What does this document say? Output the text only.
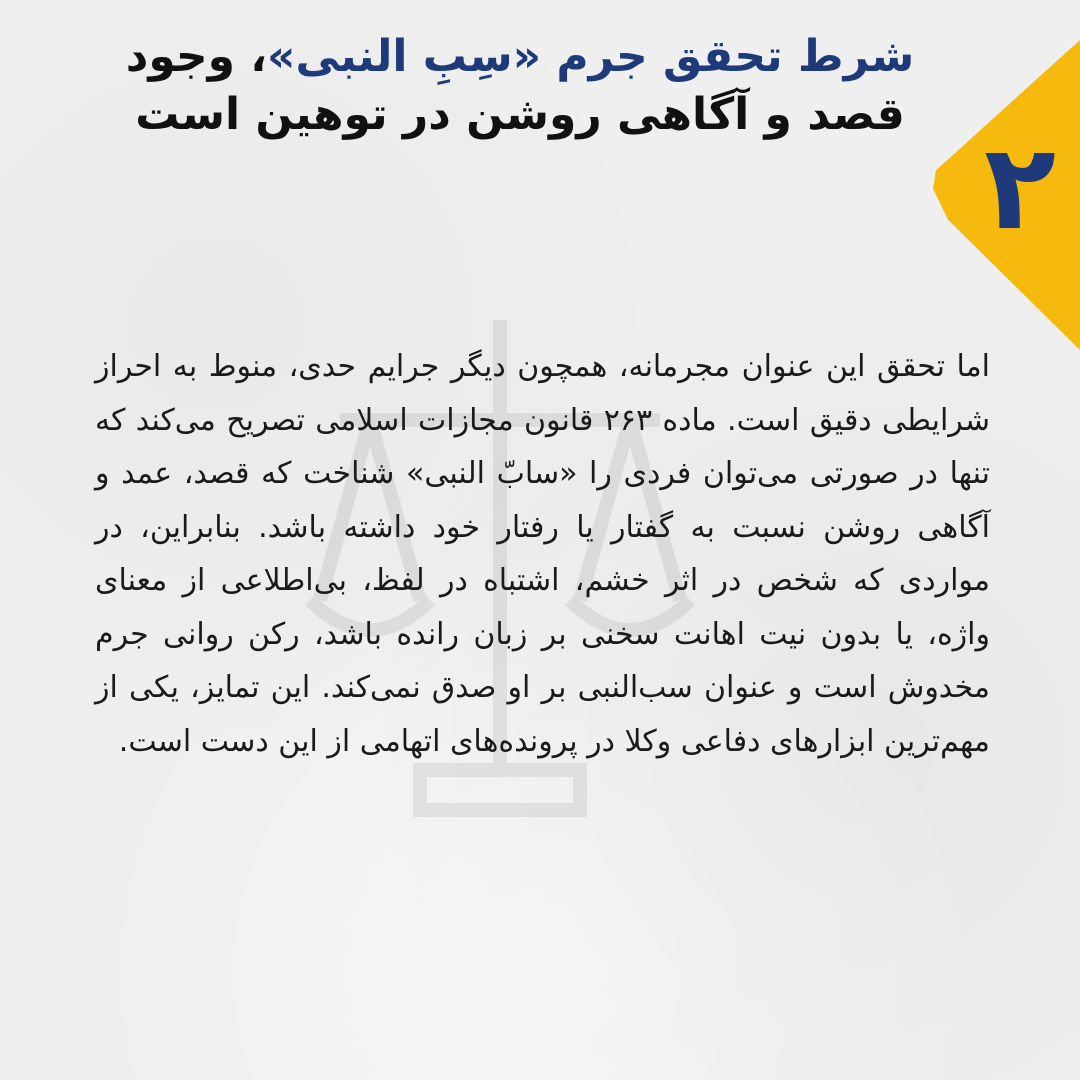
۲
شرط تحقق جرم «سِبِ النبی»، وجود قصد و آگاهی روشن در توهین است
اما تحقق این عنوان مجرمانه، همچون دیگر جرایم حدی، منوط به احراز شرایطی دقیق است. ماده ۲۶۳ قانون مجازات اسلامی تصریح می‌کند که تنها در صورتی می‌توان فردی را «سابّ النبی» شناخت که قصد، عمد و آگاهی روشن نسبت به گفتار یا رفتار خود داشته باشد. بنابراین، در مواردی که شخص در اثر خشم، اشتباه در لفظ، بی‌اطلاعی از معنای واژه، یا بدون نیت اهانت سخنی بر زبان رانده باشد، رکن روانی جرم مخدوش است و عنوان سب‌النبی بر او صدق نمی‌کند. این تمایز، یکی از مهم‌ترین ابزارهای دفاعی وکلا در پرونده‌های اتهامی از این دست است.
